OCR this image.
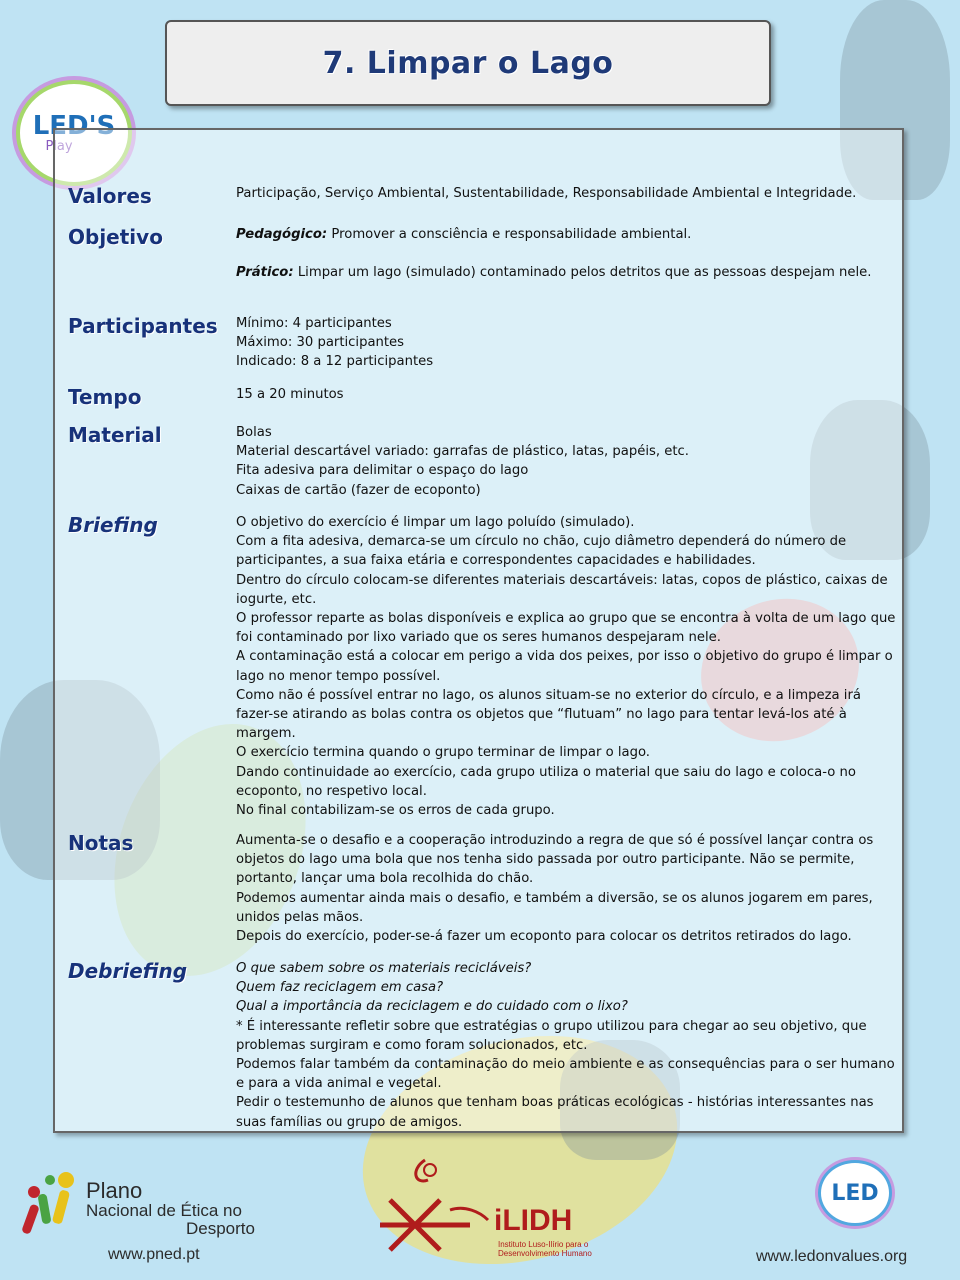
7. Limpar o Lago
LED'S
Play
Valores	Participação, Serviço Ambiental, Sustentabilidade, Responsabilidade Ambiental e Integridade.

Objetivo	Pedagógico: Promover a consciência e responsabilidade ambiental.

Prático: Limpar um lago (simulado) contaminado pelos detritos que as pessoas despejam nele.

Participantes Mínimo: 4 participantes

Máximo: 30 participantes

Indicado: 8 a 12 participantes

Tempo	15 a 20 minutos

Material	Bolas

Material descartável variado: garrafas de plástico, latas, papéis, etc.

Fita adesiva para delimitar o espaço do lago

Caixas de cartão (fazer de ecoponto)

Briefing	O objetivo do exercício é limpar um lago poluído (simulado).

Com a fita adesiva, demarca-se um círculo no chão, cujo diâmetro dependerá do número de participantes, a sua faixa etária e correspondentes capacidades e habilidades.

Dentro do círculo colocam-se diferentes materiais descartáveis: latas, copos de plástico, caixas de iogurte, etc.

O professor reparte as bolas disponíveis e explica ao grupo que se encontra à volta de um lago que foi contaminado por lixo variado que os seres humanos despejaram nele.

A contaminação está a colocar em perigo a vida dos peixes, por isso o objetivo do grupo é limpar o lago no menor tempo possível.

Como não é possível entrar no lago, os alunos situam-se no exterior do círculo, e a limpeza irá fazer-se atirando as bolas contra os objetos que “flutuam” no lago para tentar levá-los até à margem.

O exercício termina quando o grupo terminar de limpar o lago.

Dando continuidade ao exercício, cada grupo utiliza o material que saiu do lago e coloca-o no ecoponto, no respetivo local.

No final contabilizam-se os erros de cada grupo.

Notas	Aumenta-se o desafio e a cooperação introduzindo a regra de que só é possível lançar contra os objetos do lago uma bola que nos tenha sido passada por outro participante. Não se permite, portanto, lançar uma bola recolhida do chão.

Podemos aumentar ainda mais o desafio, e também a diversão, se os alunos jogarem em pares, unidos pelas mãos.

Depois do exercício, poder-se-á fazer um ecoponto para colocar os detritos retirados do lago.

Debriefing	O que sabem sobre os materiais recicláveis?

Quem faz reciclagem em casa?

Qual a importância da reciclagem e do cuidado com o lixo?

* É interessante refletir sobre que estratégias o grupo utilizou para chegar ao seu objetivo, que problemas surgiram e como foram solucionados, etc.

Podemos falar também da contaminação do meio ambiente e as consequências para o ser humano e para a vida animal e vegetal.

Pedir o testemunho de alunos que tenham boas práticas ecológicas - histórias interessantes nas suas famílias ou grupo de amigos.

Plano
Nacional de Ética no
Desporto
www.pned.pt
iLIDH
Instituto Luso-Ilírio para o Desenvolvimento Humano
LED
www.ledonvalues.org
